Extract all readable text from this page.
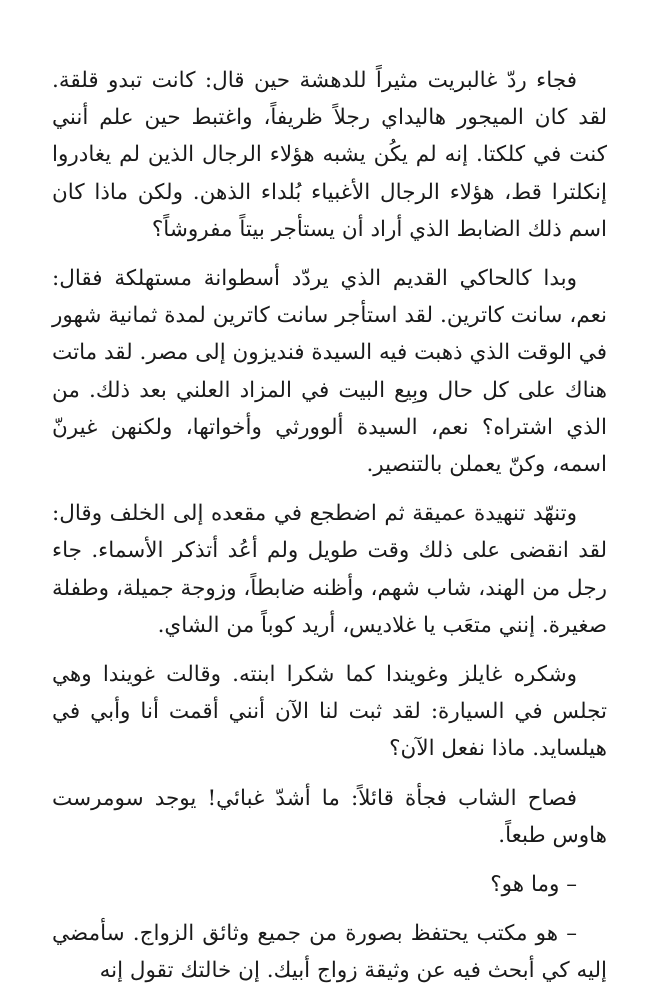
فجاء ردّ غالبريت مثيراً للدهشة حين قال: كانت تبدو قلقة. لقد كان الميجور هاليداي رجلاً ظريفاً، واغتبط حين علم أنني كنت في كلكتا. إنه لم يكُن يشبه هؤلاء الرجال الذين لم يغادروا إنكلترا قط، هؤلاء الرجال الأغبياء بُلداء الذهن. ولكن ماذا كان اسم ذلك الضابط الذي أراد أن يستأجر بيتاً مفروشاً؟

وبدا كالحاكي القديم الذي يردّد أسطوانة مستهلكة فقال: نعم، سانت كاترين. لقد استأجر سانت كاترين لمدة ثمانية شهور في الوقت الذي ذهبت فيه السيدة فنديزون إلى مصر. لقد ماتت هناك على كل حال وبِيع البيت في المزاد العلني بعد ذلك. من الذي اشتراه؟ نعم، السيدة ألوورثي وأخواتها، ولكنهن غيرنّ اسمه، وكنّ يعملن بالتنصير.

وتنهّد تنهيدة عميقة ثم اضطجع في مقعده إلى الخلف وقال: لقد انقضى على ذلك وقت طويل ولم أعُد أتذكر الأسماء. جاء رجل من الهند، شاب شهم، وأظنه ضابطاً، وزوجة جميلة، وطفلة صغيرة. إنني متعَب يا غلاديس، أريد كوباً من الشاي.

وشكره غايلز وغويندا كما شكرا ابنته. وقالت غويندا وهي تجلس في السيارة: لقد ثبت لنا الآن أنني أقمت أنا وأبي في هيلسايد. ماذا نفعل الآن؟

فصاح الشاب فجأة قائلاً: ما أشدّ غبائي! يوجد سومرست هاوس طبعاً.

– وما هو؟

– هو مكتب يحتفظ بصورة من جميع وثائق الزواج. سأمضي إليه كي أبحث فيه عن وثيقة زواج أبيك. إن خالتك تقول إنه
